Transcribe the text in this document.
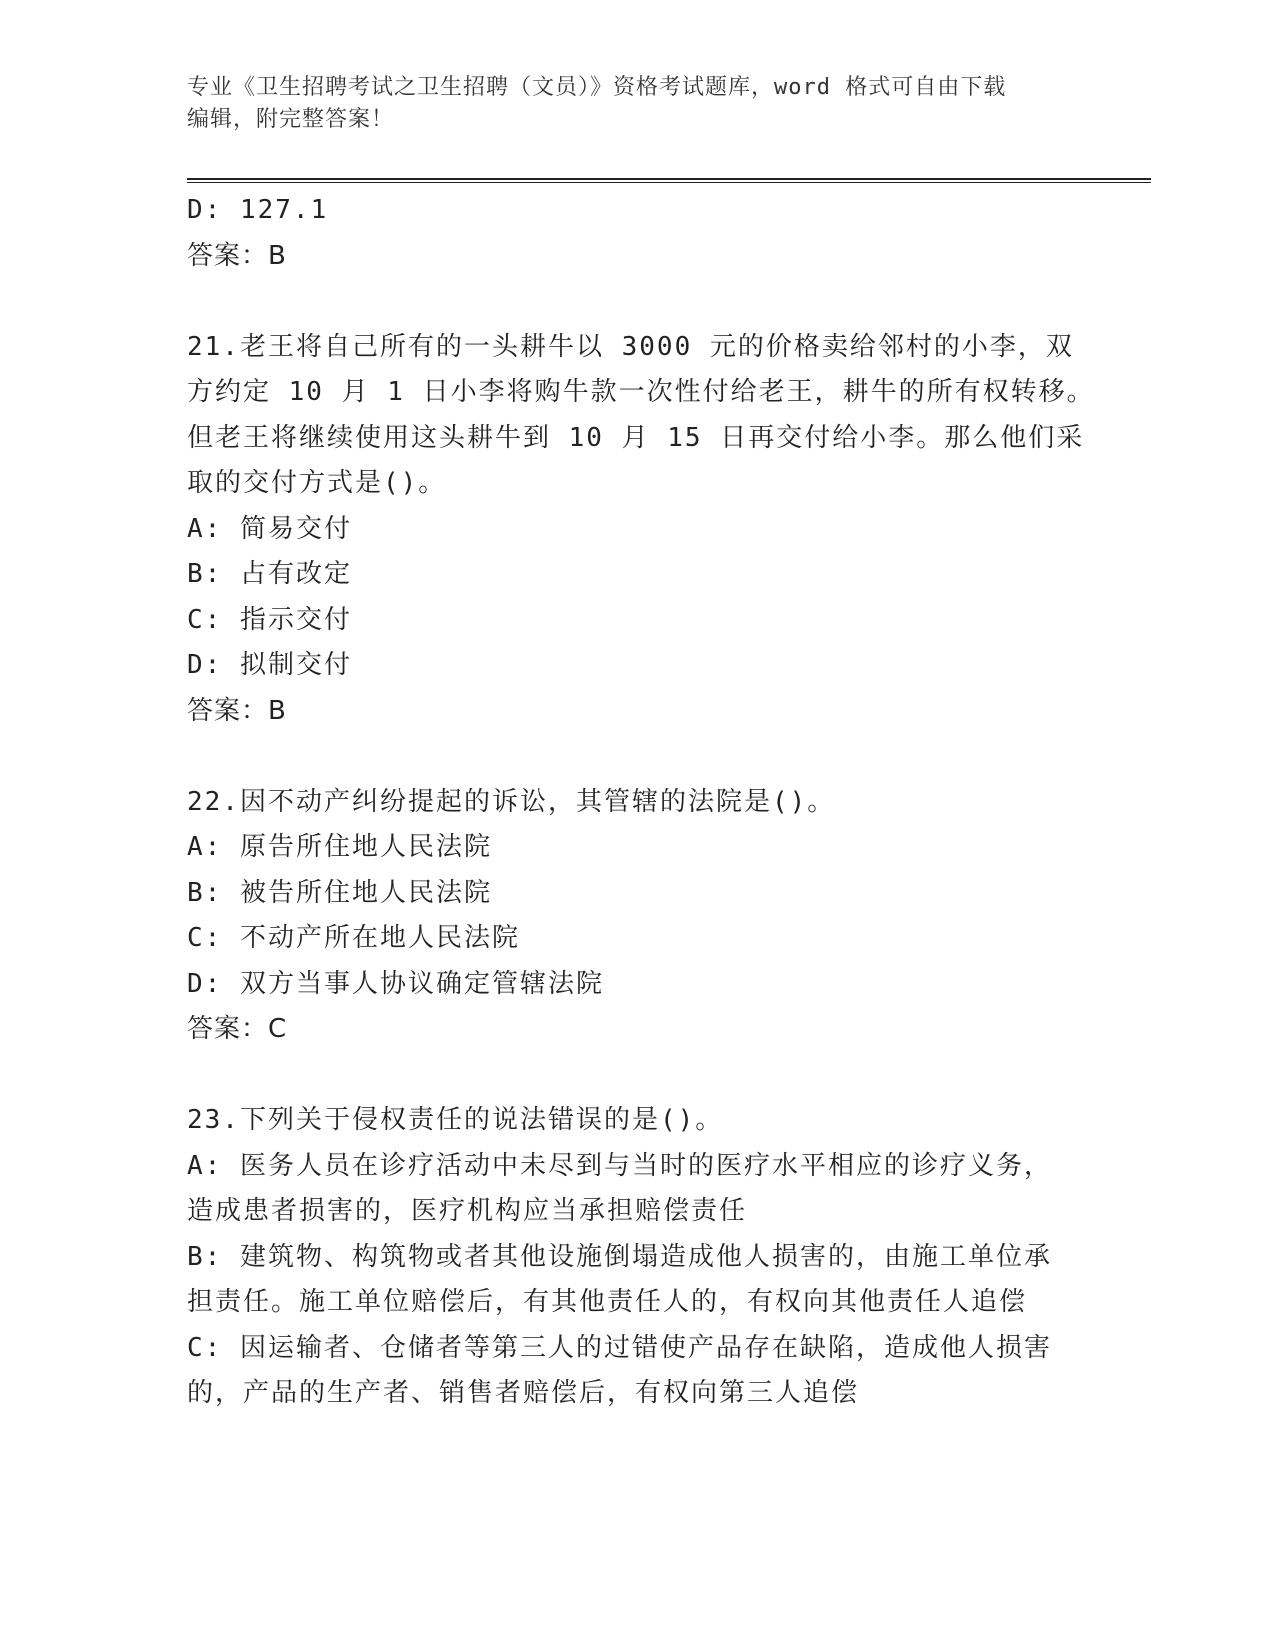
专业《卫生招聘考试之卫生招聘（文员）》资格考试题库，word 格式可自由下载
编辑，附完整答案！
D: 127.1
答案：B
21.老王将自己所有的一头耕牛以 3000 元的价格卖给邻村的小李，双
方约定 10 月 1 日小李将购牛款一次性付给老王，耕牛的所有权转移。
但老王将继续使用这头耕牛到 10 月 15 日再交付给小李。那么他们采
取的交付方式是()。
A: 简易交付
B: 占有改定
C: 指示交付
D: 拟制交付
答案：B
22.因不动产纠纷提起的诉讼，其管辖的法院是()。
A: 原告所住地人民法院
B: 被告所住地人民法院
C: 不动产所在地人民法院
D: 双方当事人协议确定管辖法院
答案：C
23.下列关于侵权责任的说法错误的是()。
A: 医务人员在诊疗活动中未尽到与当时的医疗水平相应的诊疗义务，
造成患者损害的，医疗机构应当承担赔偿责任
B: 建筑物、构筑物或者其他设施倒塌造成他人损害的，由施工单位承
担责任。施工单位赔偿后，有其他责任人的，有权向其他责任人追偿
C: 因运输者、仓储者等第三人的过错使产品存在缺陷，造成他人损害
的，产品的生产者、销售者赔偿后，有权向第三人追偿
